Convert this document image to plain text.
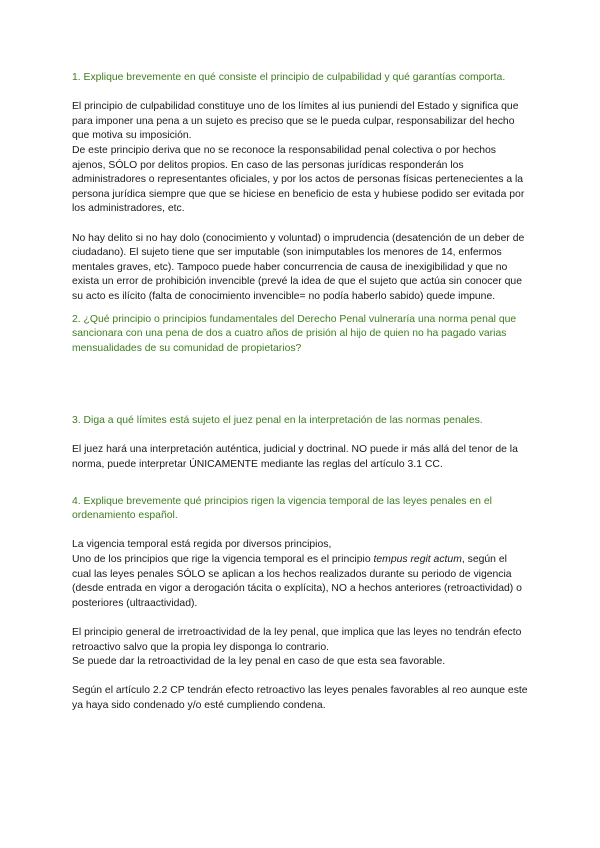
1. Explique brevemente en qué consiste el principio de culpabilidad y qué garantías comporta.

El principio de culpabilidad constituye uno de los límites al ius puniendi del Estado y significa que para imponer una pena a un sujeto es preciso que se le pueda culpar, responsabilizar del hecho que motiva su imposición.

De este principio deriva que no se reconoce la responsabilidad penal colectiva o por hechos ajenos, SÓLO por delitos propios. En caso de las personas jurídicas responderán los administradores o representantes oficiales, y por los actos de personas físicas pertenecientes a la persona jurídica siempre que que se hiciese en beneficio de esta y hubiese podido ser evitada por los administradores, etc.

No hay delito si no hay dolo (conocimiento y voluntad) o imprudencia (desatención de un deber de ciudadano). El sujeto tiene que ser imputable (son inimputables los menores de 14, enfermos mentales graves, etc). Tampoco puede haber concurrencia de causa de inexigibilidad y que no exista un error de prohibición invencible (prevé la idea de que el sujeto que actúa sin conocer que su acto es ilícito (falta de conocimiento invencible= no podía haberlo sabido) quede impune.

2. ¿Qué principio o principios fundamentales del Derecho Penal vulneraría una norma penal que sancionara con una pena de dos a cuatro años de prisión al hijo de quien no ha pagado varias mensualidades de su comunidad de propietarios?

3. Diga a qué límites está sujeto el juez penal en la interpretación de las normas penales.

El juez hará una interpretación auténtica, judicial y doctrinal. NO puede ir más allá del tenor de la norma, puede interpretar ÚNICAMENTE mediante las reglas del artículo 3.1 CC.

4. Explique brevemente qué principios rigen la vigencia temporal de las leyes penales en el ordenamiento español.

La vigencia temporal está regida por diversos principios,

Uno de los principios que rige la vigencia temporal es el principio tempus regit actum, según el cual las leyes penales SÓLO se aplican a los hechos realizados durante su periodo de vigencia (desde entrada en vigor a derogación tácita o explícita), NO a hechos anteriores (retroactividad) o posteriores (ultraactividad).

El principio general de irretroactividad de la ley penal, que implica que las leyes no tendrán efecto retroactivo salvo que la propia ley disponga lo contrario.

Se puede dar la retroactividad de la ley penal en caso de que esta sea favorable.

Según el artículo 2.2 CP tendrán efecto retroactivo las leyes penales favorables al reo aunque este ya haya sido condenado y/o esté cumpliendo condena.
